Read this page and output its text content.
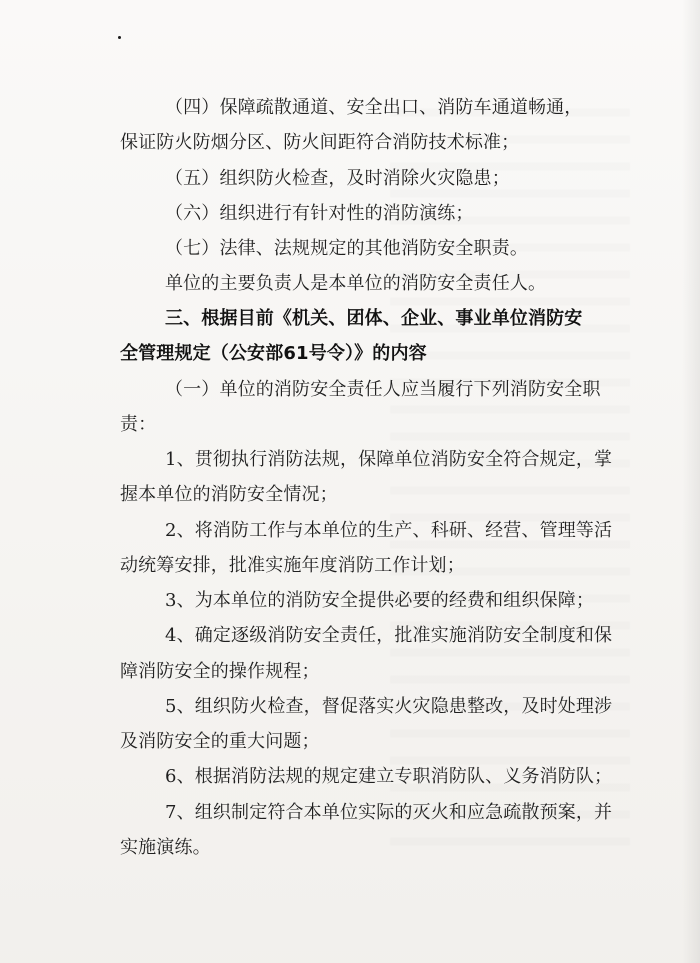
（四）保障疏散通道、安全出口、消防车通道畅通，
保证防火防烟分区、防火间距符合消防技术标准；
（五）组织防火检查，及时消除火灾隐患；
（六）组织进行有针对性的消防演练；
（七）法律、法规规定的其他消防安全职责。
单位的主要负责人是本单位的消防安全责任人。
三、根据目前《机关、团体、企业、事业单位消防安
全管理规定（公安部61号令）》的内容
（一）单位的消防安全责任人应当履行下列消防安全职
责：
1、贯彻执行消防法规，保障单位消防安全符合规定，掌
握本单位的消防安全情况；
2、将消防工作与本单位的生产、科研、经营、管理等活
动统筹安排，批准实施年度消防工作计划；
3、为本单位的消防安全提供必要的经费和组织保障；
4、确定逐级消防安全责任，批准实施消防安全制度和保
障消防安全的操作规程；
5、组织防火检查，督促落实火灾隐患整改，及时处理涉
及消防安全的重大问题；
6、根据消防法规的规定建立专职消防队、义务消防队；
7、组织制定符合本单位实际的灭火和应急疏散预案，并
实施演练。
